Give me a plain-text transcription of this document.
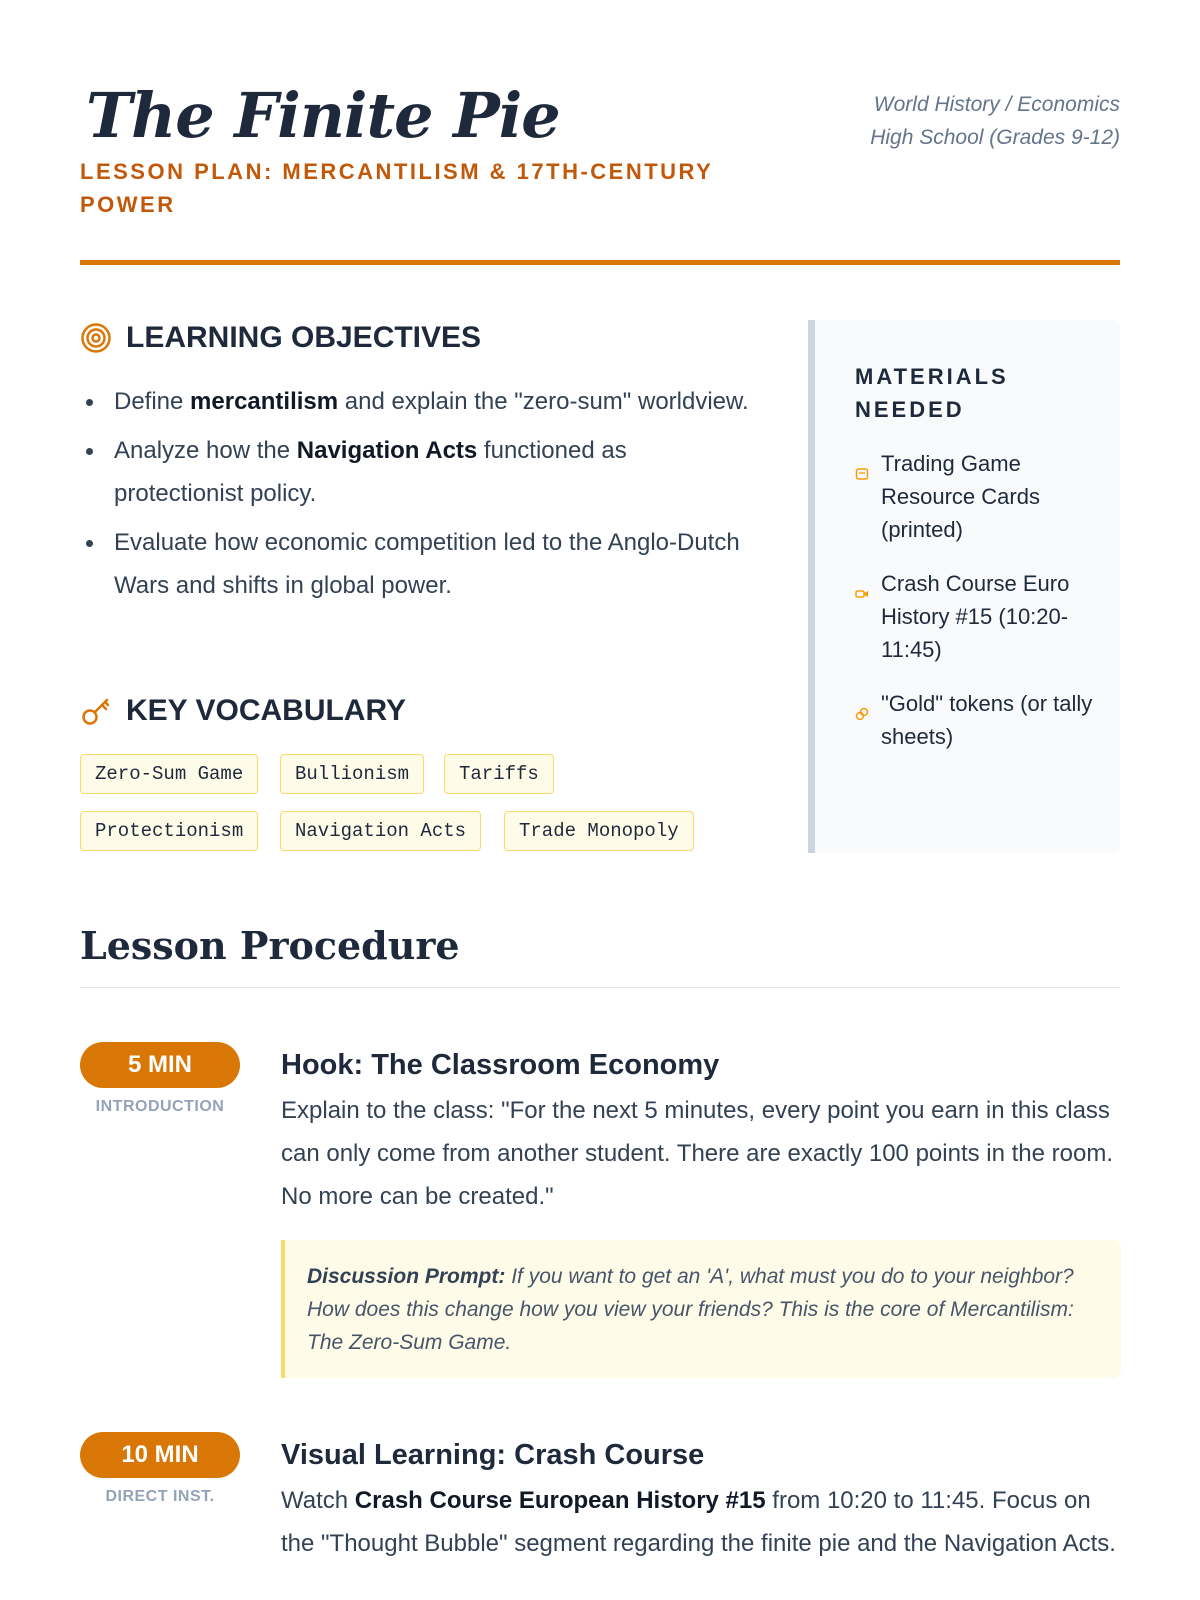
The Finite Pie
LESSON PLAN: MERCANTILISM & 17TH-CENTURY POWER
World History / Economics
High School (Grades 9-12)
LEARNING OBJECTIVES
Define mercantilism and explain the "zero-sum" worldview.
Analyze how the Navigation Acts functioned as protectionist policy.
Evaluate how economic competition led to the Anglo-Dutch Wars and shifts in global power.
KEY VOCABULARY
Zero-Sum Game	Bullionism	Tariffs
Protectionism	Navigation Acts	Trade Monopoly
MATERIALS NEEDED
Trading Game Resource Cards (printed)
Crash Course Euro History #15 (10:20-11:45)
"Gold" tokens (or tally sheets)
Lesson Procedure
5 MIN
INTRODUCTION
Hook: The Classroom Economy
Explain to the class: "For the next 5 minutes, every point you earn in this class can only come from another student. There are exactly 100 points in the room. No more can be created."
Discussion Prompt: If you want to get an 'A', what must you do to your neighbor? How does this change how you view your friends? This is the core of Mercantilism: The Zero-Sum Game.
10 MIN
DIRECT INST.
Visual Learning: Crash Course
Watch Crash Course European History #15 from 10:20 to 11:45. Focus on the "Thought Bubble" segment regarding the finite pie and the Navigation Acts.
